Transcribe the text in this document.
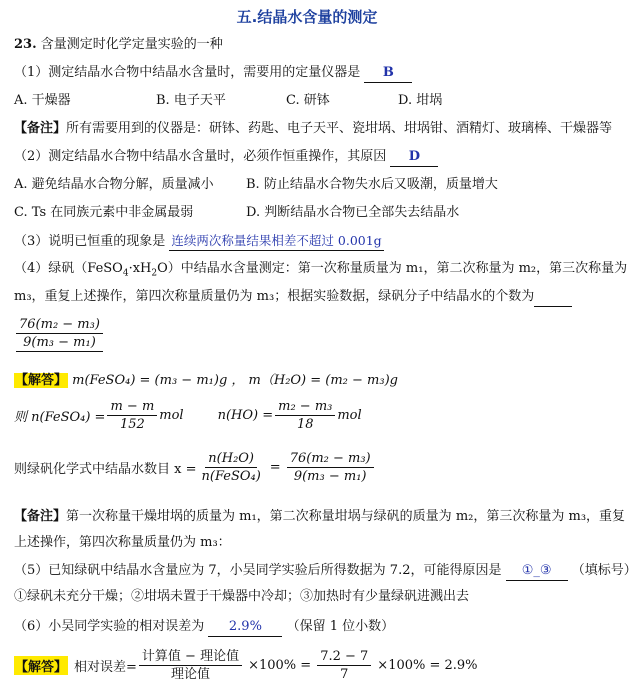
五.结晶水含量的测定
23. 含量测定时化学定量实验的一种
（1）测定结晶水合物中结晶水含量时，需要用的定量仪器是 B
A. 干燥器	B. 电子天平	C. 研钵	D. 坩埚
【备注】所有需要用到的仪器是：研钵、药匙、电子天平、瓷坩埚、坩埚钳、酒精灯、玻璃棒、干燥器等
（2）测定结晶水合物中结晶水含量时，必须作恒重操作，其原因 D
A. 避免结晶水合物分解，质量减小 B. 防止结晶水合物失水后又吸潮，质量增大
C. Ts 在同族元素中非金属最弱	D. 判断结晶水合物已全部失去结晶水
（3）说明已恒重的现象是 连续两次称量结果相差不超过 0.001g
（4）绿矾$(FeSO_4\cdot xH_2O)$中结晶水含量测定：第一次称量质量为 m₁，第二次称量为 m₂，第三次称量为
m₃，重复上述操作，第四次称量质量仍为 m₃；根据实验数据，绿矾分子中结晶水的个数为
$\frac{\text{76(m₂ − m₃)}}{\text{9(m₃ − m₁)}}$
【解答】 m(FeSO₄) = (m₃ − m₁)g ， m（H₂O) = (m₂ − m₃)g
则 n(FeSO₄) = $\frac{m - m}{152}$ mol	$n(HO) = \frac{\text{m₂ − m₃}}{18}$ mol
则绿矾化学式中结晶水数目 $x = \frac{\text{n(H₂O)}}{\text{n(FeSO₄)}} = \frac{\text{76(m₂ − m₃)}}{\text{9(m₃ − m₁)}}$
【备注】第一次称量干燥坩埚的质量为 m₁，第二次称量坩埚与绿矾的质量为 m₂，第三次称量为 m₃，重复
上述操作，第四次称量质量仍为 m₃：
（5）已知绿矾中结晶水含量应为 7，小吴同学实验后所得数据为 7.2，可能得原因是 ①_③ （填标号）
①绿矾未充分干燥；②坩埚未置于干燥器中冷却；③加热时有少量绿矾进溅出去
（6）小吴同学实验的相对误差为 2.9% （保留 1 位小数）
【解答】 相对误差= $\frac{\text{计算值 − 理论值}}{\text{理论值}} \times 100\% = \frac{7.2 - 7}{7} \times 100\% = 2.9\%$
